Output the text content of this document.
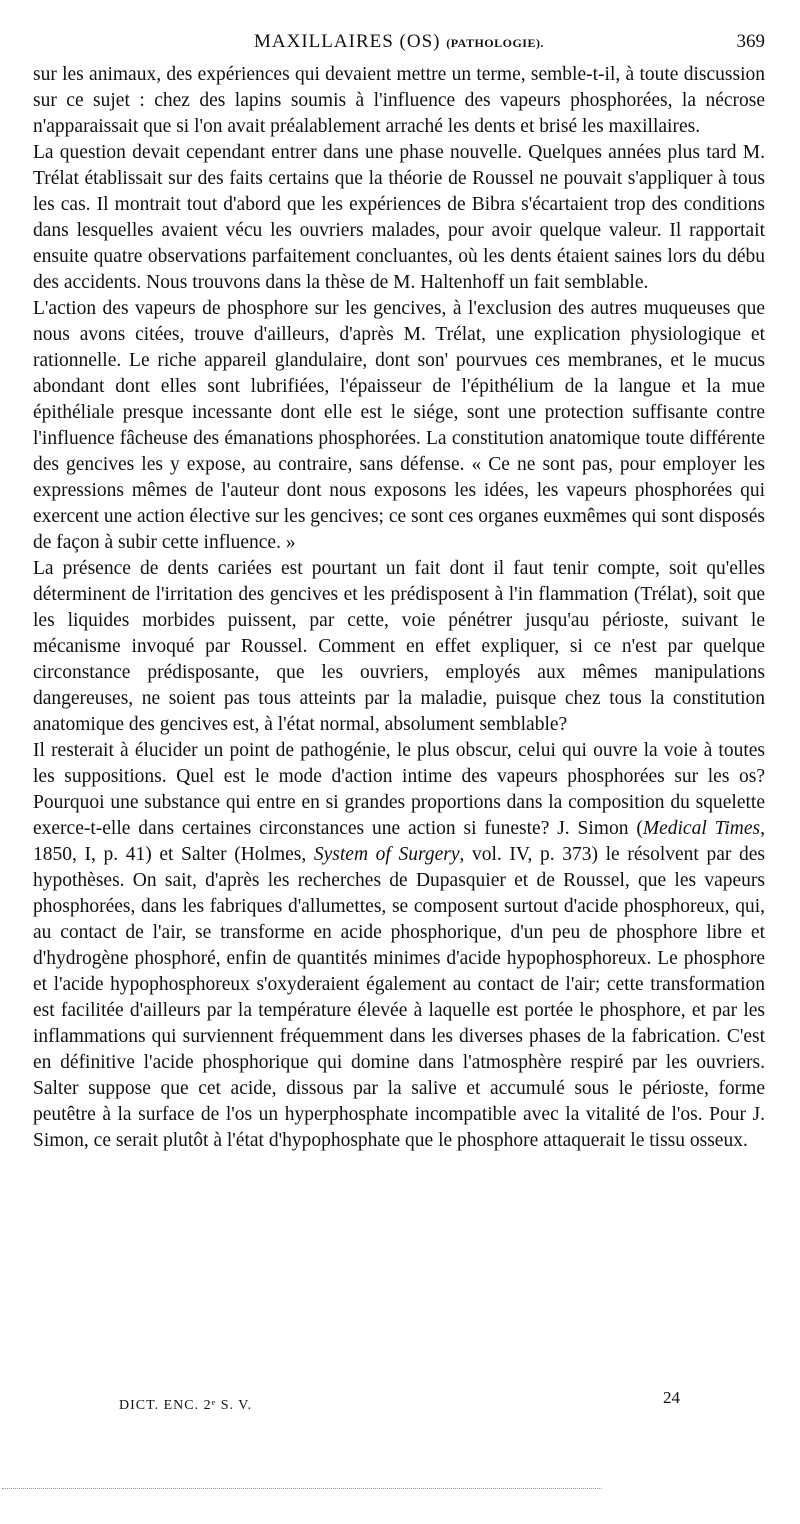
MAXILLAIRES (OS) (PATHOLOGIE).	369

sur les animaux, des expériences qui devaient mettre un terme, semble-t-il, à toute discussion sur ce sujet : chez des lapins soumis à l'influence des vapeurs phosphorées, la nécrose n'apparaissait que si l'on avait préalablement arraché les dents et brisé les maxillaires.

La question devait cependant entrer dans une phase nouvelle. Quelques années plus tard M. Trélat établissait sur des faits certains que la théorie de Roussel ne pouvait s'appliquer à tous les cas. Il montrait tout d'abord que les expériences de Bibra s'écartaient trop des conditions dans lesquelles avaient vécu les ouvriers malades, pour avoir quelque valeur. Il rapportait ensuite quatre observations parfaitement concluantes, où les dents étaient saines lors du débu des accidents. Nous trouvons dans la thèse de M. Haltenhoff un fait semblable.

L'action des vapeurs de phosphore sur les gencives, à l'exclusion des autres muqueuses que nous avons citées, trouve d'ailleurs, d'après M. Trélat, une explication physiologique et rationnelle. Le riche appareil glandulaire, dont son' pourvues ces membranes, et le mucus abondant dont elles sont lubrifiées, l'épaisseur de l'épithélium de la langue et la mue épithéliale presque incessante dont elle est le siége, sont une protection suffisante contre l'influence fâcheuse des émanations phosphorées. La constitution anatomique toute différente des gencives les y expose, au contraire, sans défense. « Ce ne sont pas, pour employer les expressions mêmes de l'auteur dont nous exposons les idées, les vapeurs phosphorées qui exercent une action élective sur les gencives; ce sont ces organes euxmêmes qui sont disposés de façon à subir cette influence. »

La présence de dents cariées est pourtant un fait dont il faut tenir compte, soit qu'elles déterminent de l'irritation des gencives et les prédisposent à l'in flammation (Trélat), soit que les liquides morbides puissent, par cette, voie pénétrer jusqu'au périoste, suivant le mécanisme invoqué par Roussel. Comment en effet expliquer, si ce n'est par quelque circonstance prédisposante, que les ouvriers, employés aux mêmes manipulations dangereuses, ne soient pas tous atteints par la maladie, puisque chez tous la constitution anatomique des gencives est, à l'état normal, absolument semblable?

Il resterait à élucider un point de pathogénie, le plus obscur, celui qui ouvre la voie à toutes les suppositions. Quel est le mode d'action intime des vapeurs phosphorées sur les os? Pourquoi une substance qui entre en si grandes proportions dans la composition du squelette exerce-t-elle dans certaines circonstances une action si funeste? J. Simon (Medical Times, 1850, I, p. 41) et Salter (Holmes, System of Surgery, vol. IV, p. 373) le résolvent par des hypothèses. On sait, d'après les recherches de Dupasquier et de Roussel, que les vapeurs phosphorées, dans les fabriques d'allumettes, se composent surtout d'acide phosphoreux, qui, au contact de l'air, se transforme en acide phosphorique, d'un peu de phosphore libre et d'hydrogène phosphoré, enfin de quantités minimes d'acide hypophosphoreux. Le phosphore et l'acide hypophosphoreux s'oxyderaient également au contact de l'air; cette transformation est facilitée d'ailleurs par la température élevée à laquelle est portée le phosphore, et par les inflammations qui surviennent fréquemment dans les diverses phases de la fabrication. C'est en définitive l'acide phosphorique qui domine dans l'atmosphère respiré par les ouvriers. Salter suppose que cet acide, dissous par la salive et accumulé sous le périoste, forme peutêtre à la surface de l'os un hyperphosphate incompatible avec la vitalité de l'os. Pour J. Simon, ce serait plutôt à l'état d'hypophosphate que le phosphore attaquerait le tissu osseux.

DICT. ENC. 2ᵉ S. V.	24
